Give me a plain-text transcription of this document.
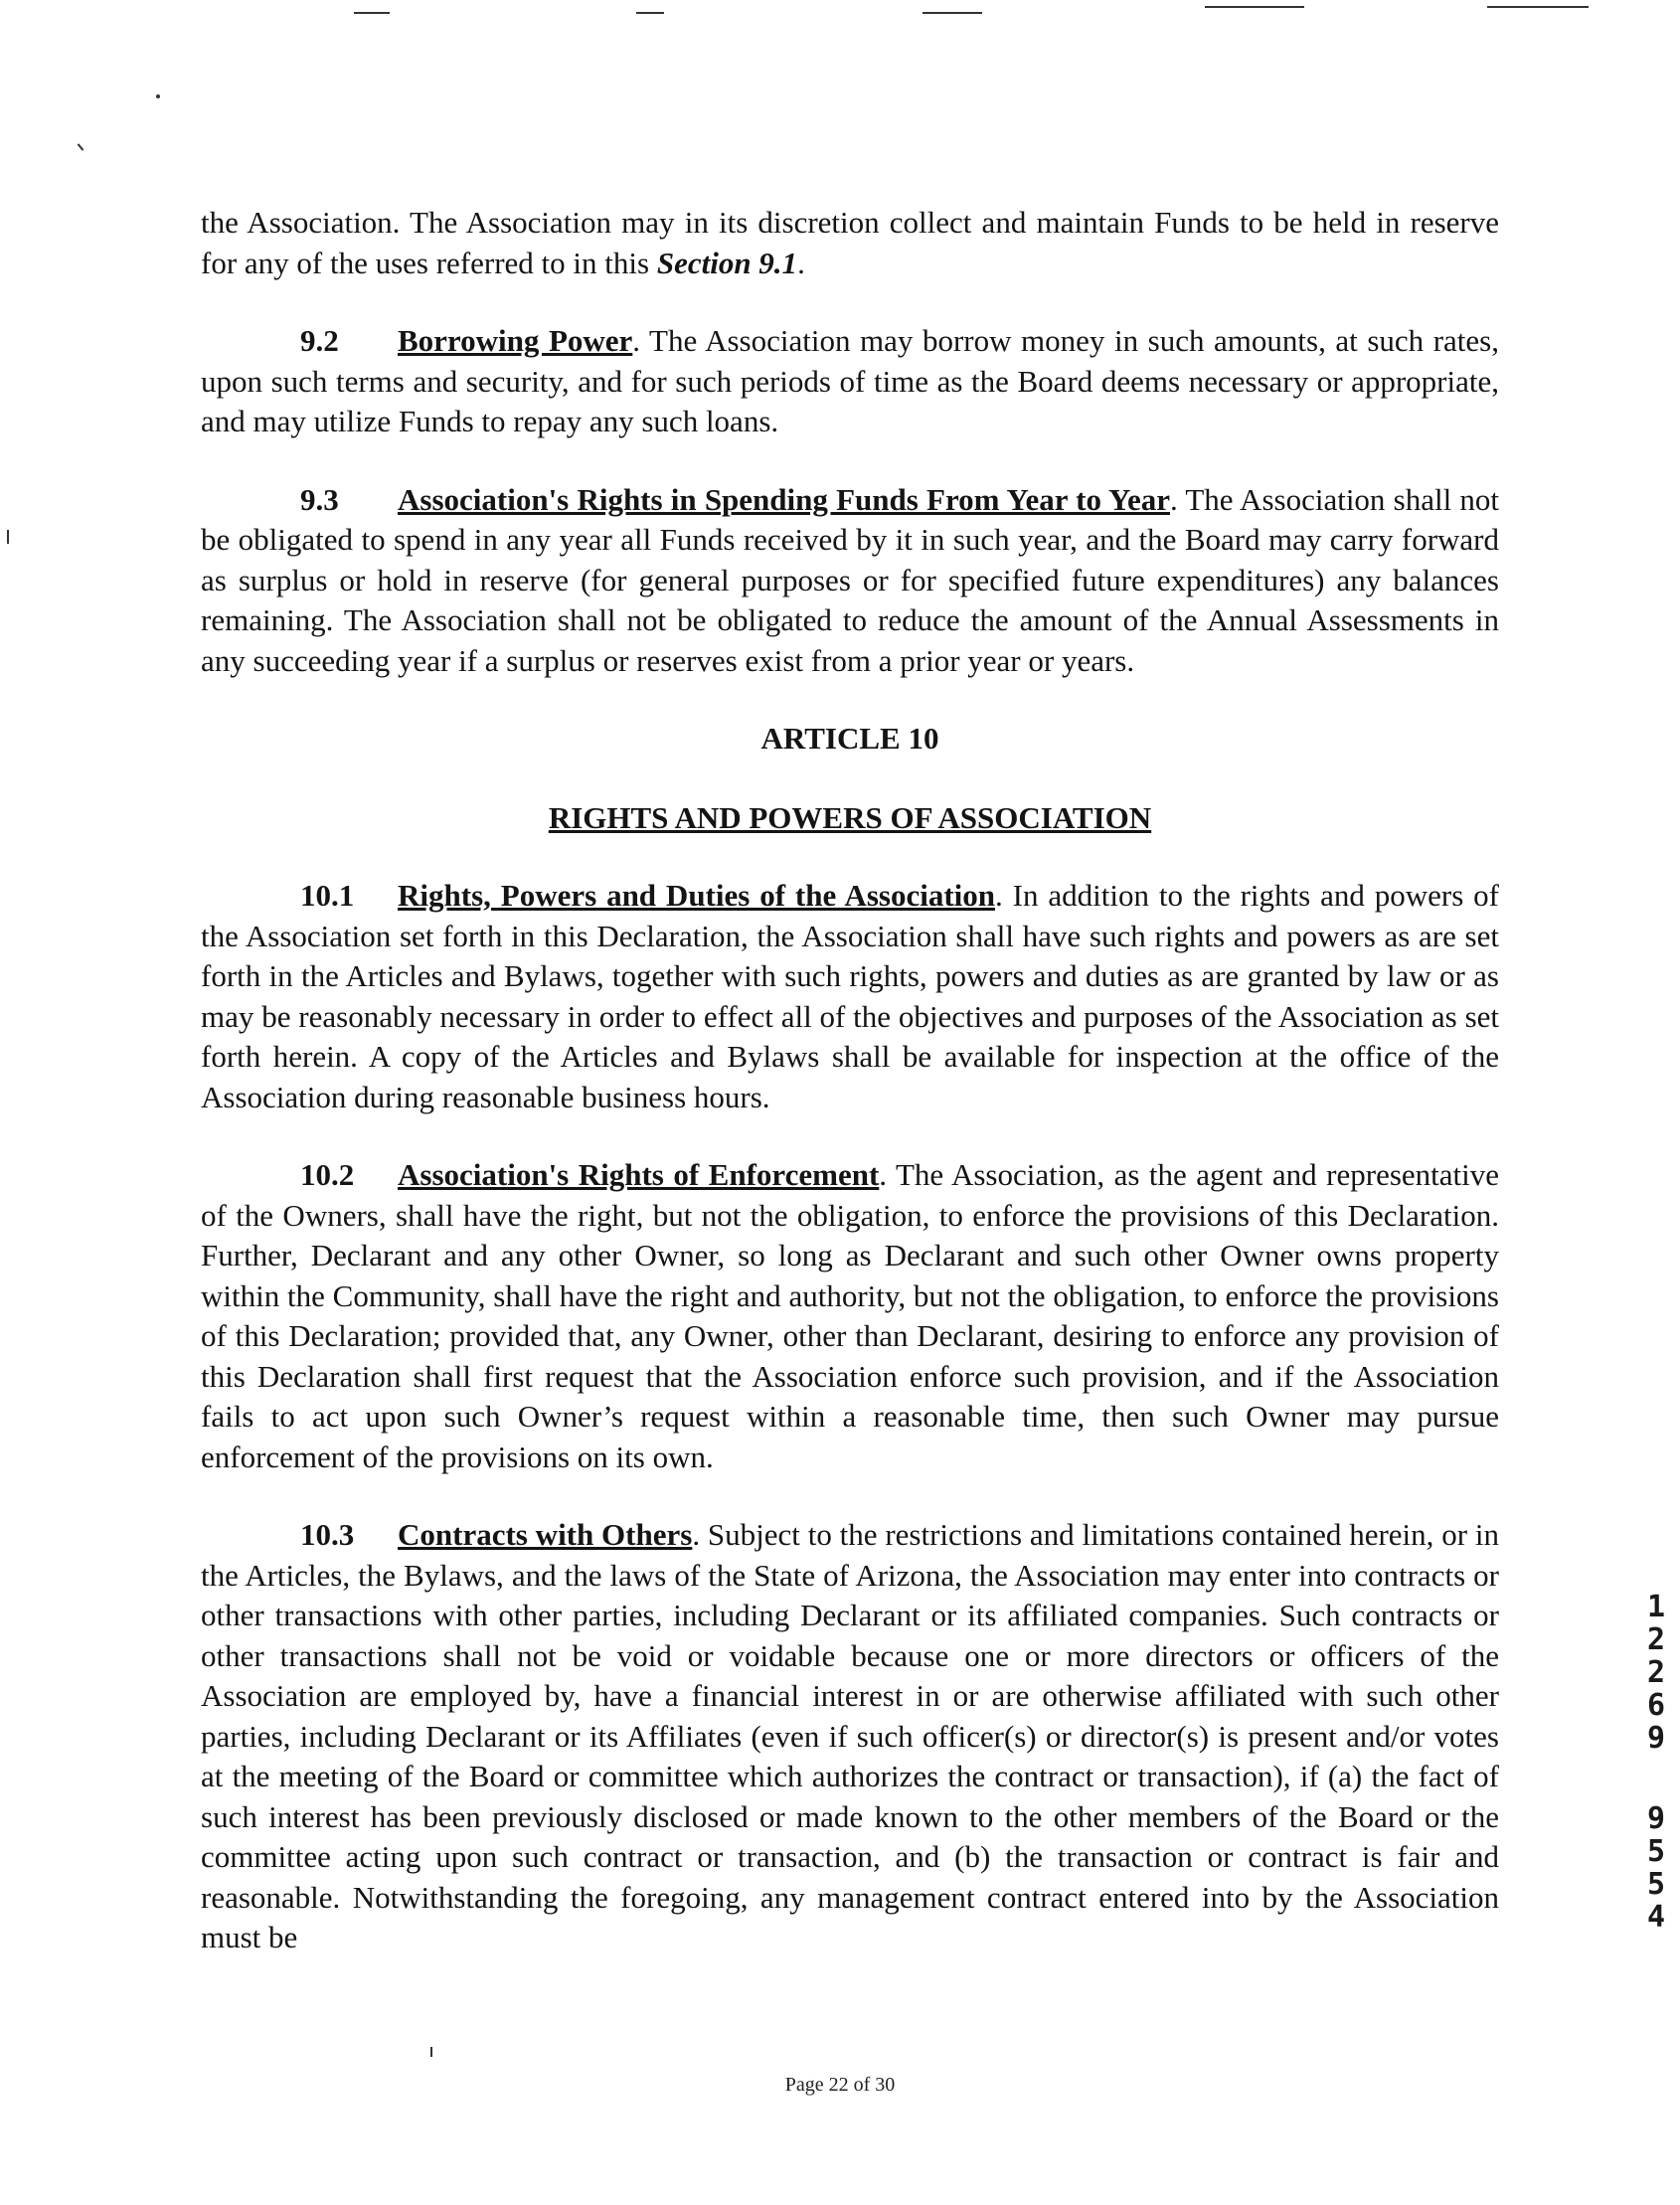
the Association. The Association may in its discretion collect and maintain Funds to be held in reserve for any of the uses referred to in this Section 9.1.

9.2 Borrowing Power. The Association may borrow money in such amounts, at such rates, upon such terms and security, and for such periods of time as the Board deems necessary or appropriate, and may utilize Funds to repay any such loans.

9.3 Association's Rights in Spending Funds From Year to Year. The Association shall not be obligated to spend in any year all Funds received by it in such year, and the Board may carry forward as surplus or hold in reserve (for general purposes or for specified future expenditures) any balances remaining. The Association shall not be obligated to reduce the amount of the Annual Assessments in any succeeding year if a surplus or reserves exist from a prior year or years.

ARTICLE 10

RIGHTS AND POWERS OF ASSOCIATION

10.1 Rights, Powers and Duties of the Association. In addition to the rights and powers of the Association set forth in this Declaration, the Association shall have such rights and powers as are set forth in the Articles and Bylaws, together with such rights, powers and duties as are granted by law or as may be reasonably necessary in order to effect all of the objectives and purposes of the Association as set forth herein. A copy of the Articles and Bylaws shall be available for inspection at the office of the Association during reasonable business hours.

10.2 Association's Rights of Enforcement. The Association, as the agent and representative of the Owners, shall have the right, but not the obligation, to enforce the provisions of this Declaration. Further, Declarant and any other Owner, so long as Declarant and such other Owner owns property within the Community, shall have the right and authority, but not the obligation, to enforce the provisions of this Declaration; provided that, any Owner, other than Declarant, desiring to enforce any provision of this Declaration shall first request that the Association enforce such provision, and if the Association fails to act upon such Owner’s request within a reasonable time, then such Owner may pursue enforcement of the provisions on its own.

10.3 Contracts with Others. Subject to the restrictions and limitations contained herein, or in the Articles, the Bylaws, and the laws of the State of Arizona, the Association may enter into contracts or other transactions with other parties, including Declarant or its affiliated companies. Such contracts or other transactions shall not be void or voidable because one or more directors or officers of the Association are employed by, have a financial interest in or are otherwise affiliated with such other parties, including Declarant or its Affiliates (even if such officer(s) or director(s) is present and/or votes at the meeting of the Board or committee which authorizes the contract or transaction), if (a) the fact of such interest has been previously disclosed or made known to the other members of the Board or the committee acting upon such contract or transaction, and (b) the transaction or contract is fair and reasonable. Notwithstanding the foregoing, any management contract entered into by the Association must be

1
2
2
6
9
9
5
5
4
Page 22 of 30
